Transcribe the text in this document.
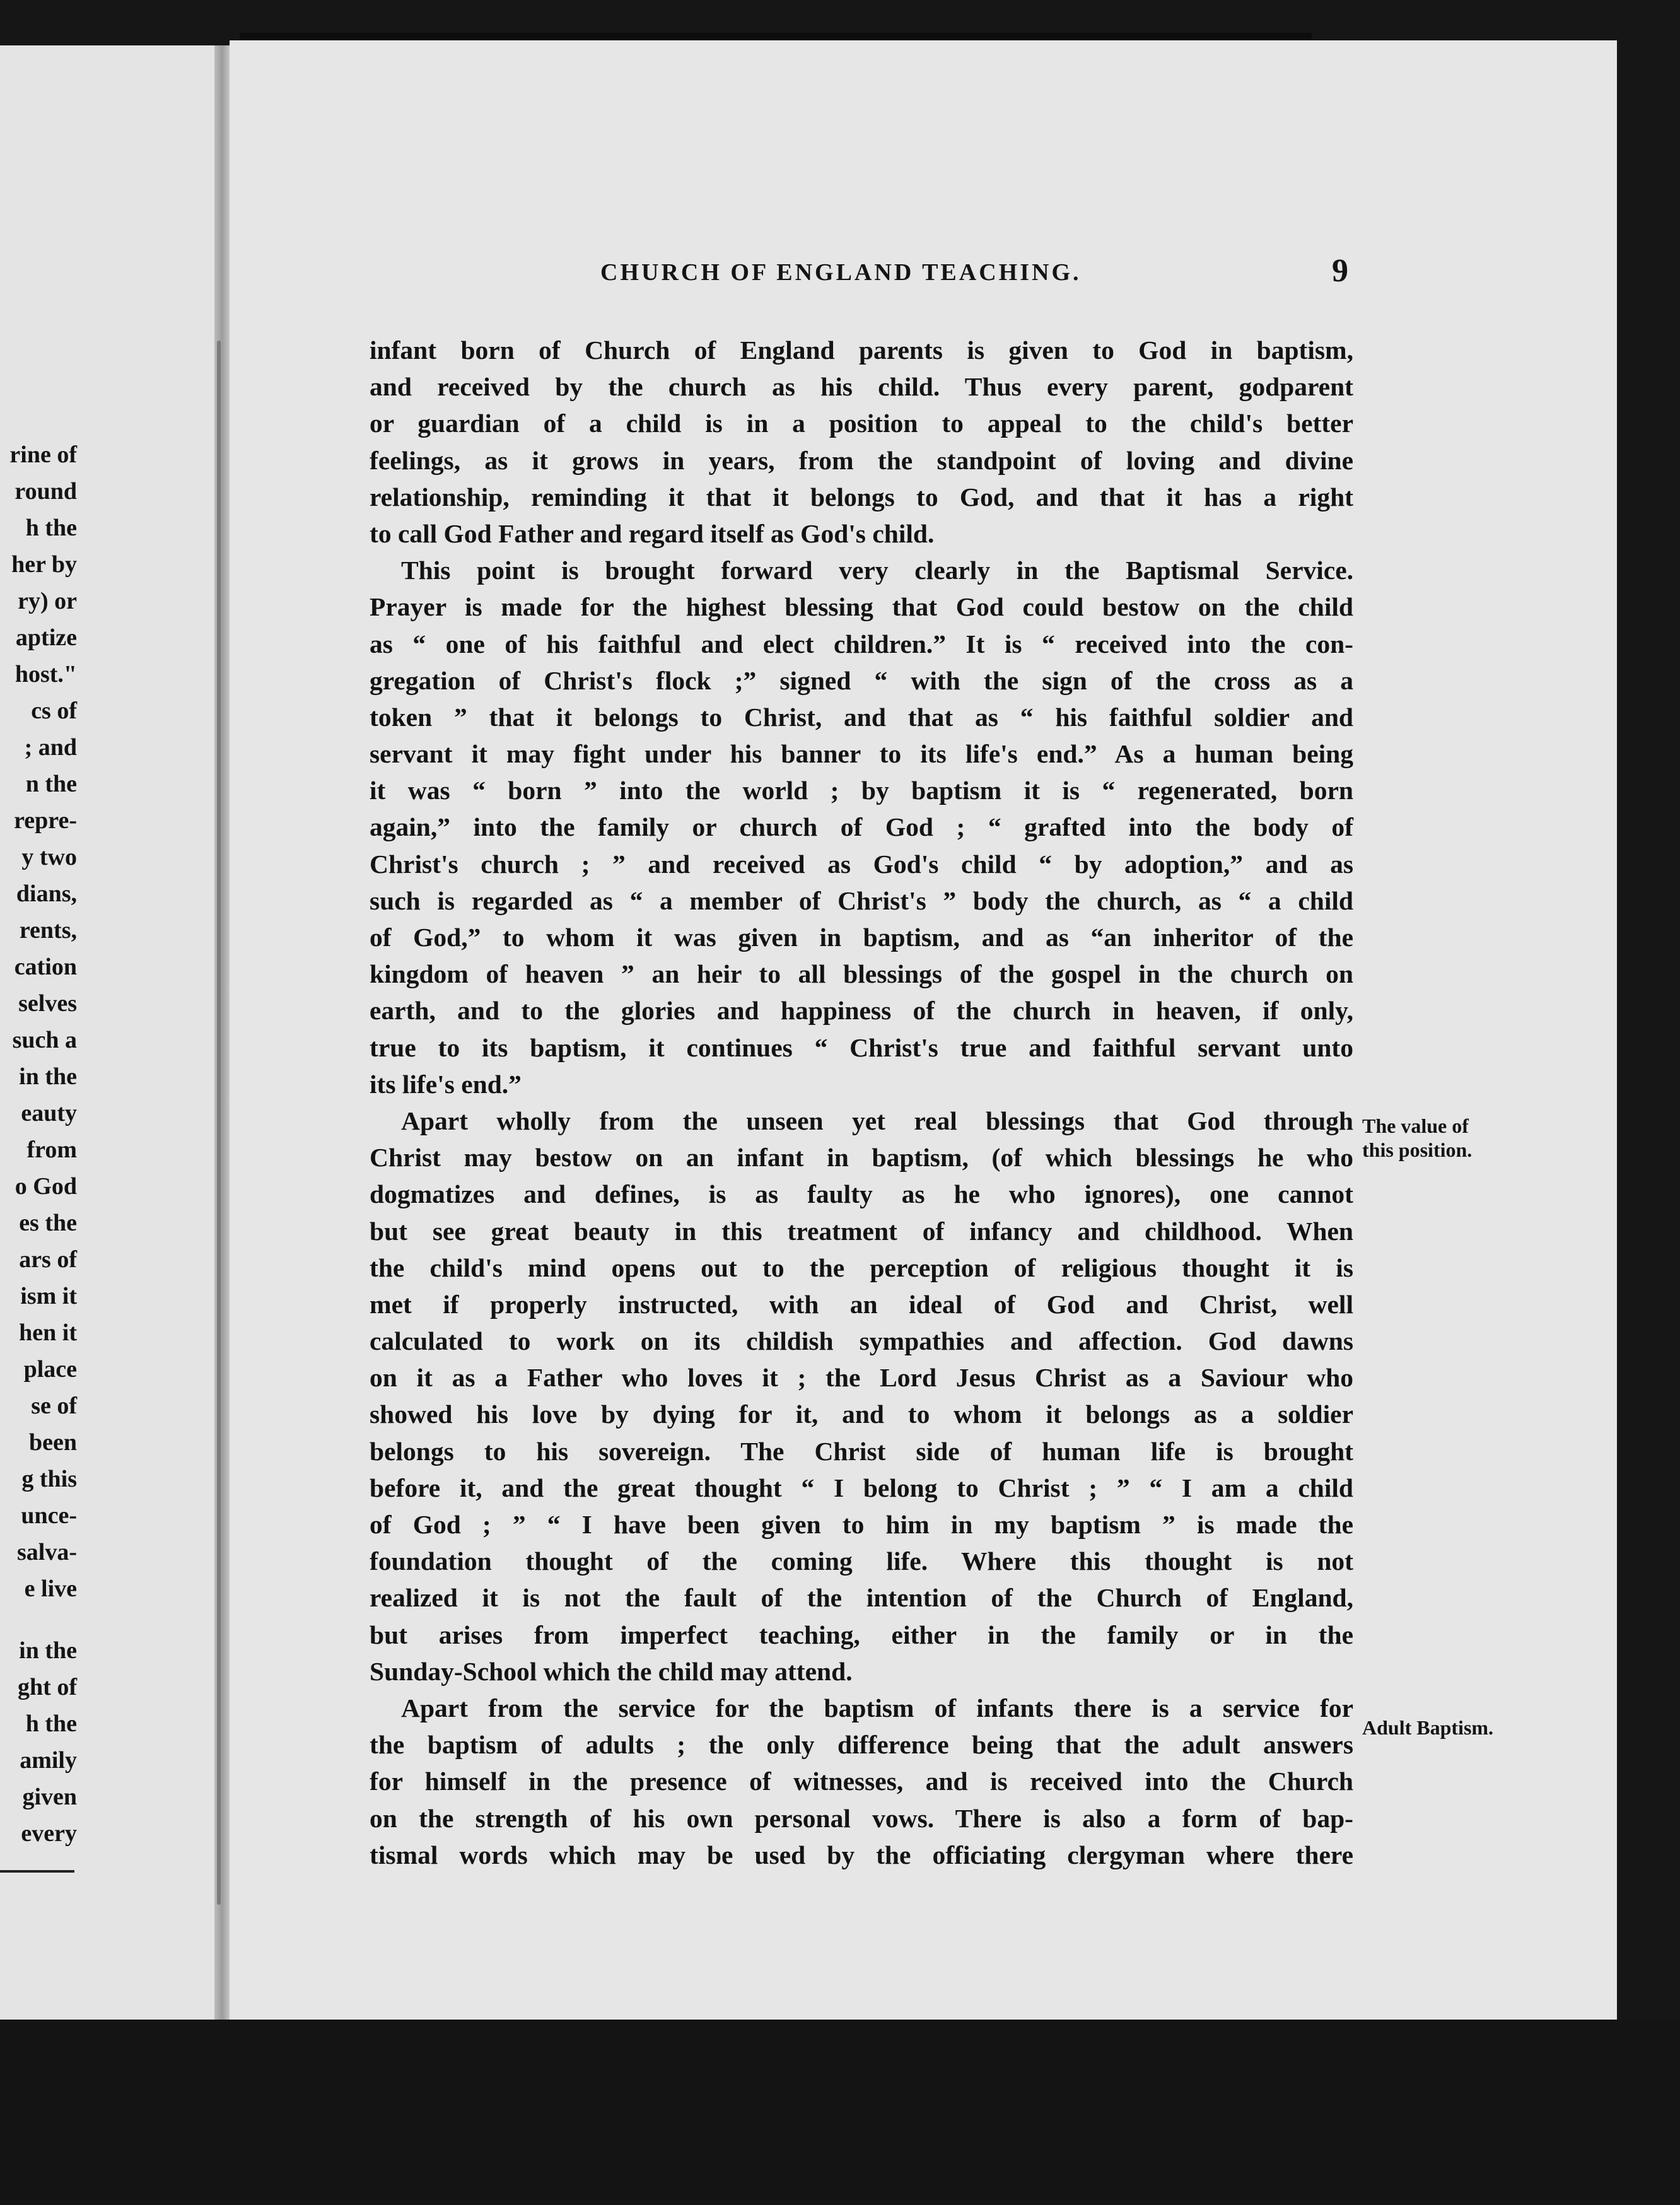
rine of
round
h the
her by
ry) or
aptize
host."
cs of
; and
n the
repre-
y two
dians,
rents,
cation
selves
such a
in the
eauty
from
o God
es the
ars of
ism it
hen it
place
se of
been
g this
unce-
salva-
e live
in the
ght of
h the
amily
given
every
CHURCH OF ENGLAND TEACHING.	9
infant born of Church of England parents is given to God in baptism,
and received by the church as his child. Thus every parent, godparent
or guardian of a child is in a position to appeal to the child's better
feelings, as it grows in years, from the standpoint of loving and divine
relationship, reminding it that it belongs to God, and that it has a right
to call God Father and regard itself as God's child.
This point is brought forward very clearly in the Baptismal Service.
Prayer is made for the highest blessing that God could bestow on the child
as “ one of his faithful and elect children.” It is “ received into the con-
gregation of Christ's flock ;” signed “ with the sign of the cross as a
token ” that it belongs to Christ, and that as “ his faithful soldier and
servant it may fight under his banner to its life's end.” As a human being
it was “ born ” into the world ; by baptism it is “ regenerated, born
again,” into the family or church of God ; “ grafted into the body of
Christ's church ; ” and received as God's child “ by adoption,” and as
such is regarded as “ a member of Christ's ” body the church, as “ a child
of God,” to whom it was given in baptism, and as “an inheritor of the
kingdom of heaven ” an heir to all blessings of the gospel in the church on
earth, and to the glories and happiness of the church in heaven, if only,
true to its baptism, it continues “ Christ's true and faithful servant unto
its life's end.”
Apart wholly from the unseen yet real blessings that God through
Christ may bestow on an infant in baptism, (of which blessings he who
dogmatizes and defines, is as faulty as he who ignores), one cannot
but see great beauty in this treatment of infancy and childhood. When
the child's mind opens out to the perception of religious thought it is
met if properly instructed, with an ideal of God and Christ, well
calculated to work on its childish sympathies and affection. God dawns
on it as a Father who loves it ; the Lord Jesus Christ as a Saviour who
showed his love by dying for it, and to whom it belongs as a soldier
belongs to his sovereign. The Christ side of human life is brought
before it, and the great thought “ I belong to Christ ; ” “ I am a child
of God ; ” “ I have been given to him in my baptism ” is made the
foundation thought of the coming life. Where this thought is not
realized it is not the fault of the intention of the Church of England,
but arises from imperfect teaching, either in the family or in the
Sunday-School which the child may attend.
Apart from the service for the baptism of infants there is a service for
the baptism of adults ; the only difference being that the adult answers
for himself in the presence of witnesses, and is received into the Church
on the strength of his own personal vows. There is also a form of bap-
tismal words which may be used by the officiating clergyman where there
The value of
this position.
Adult Baptism.
